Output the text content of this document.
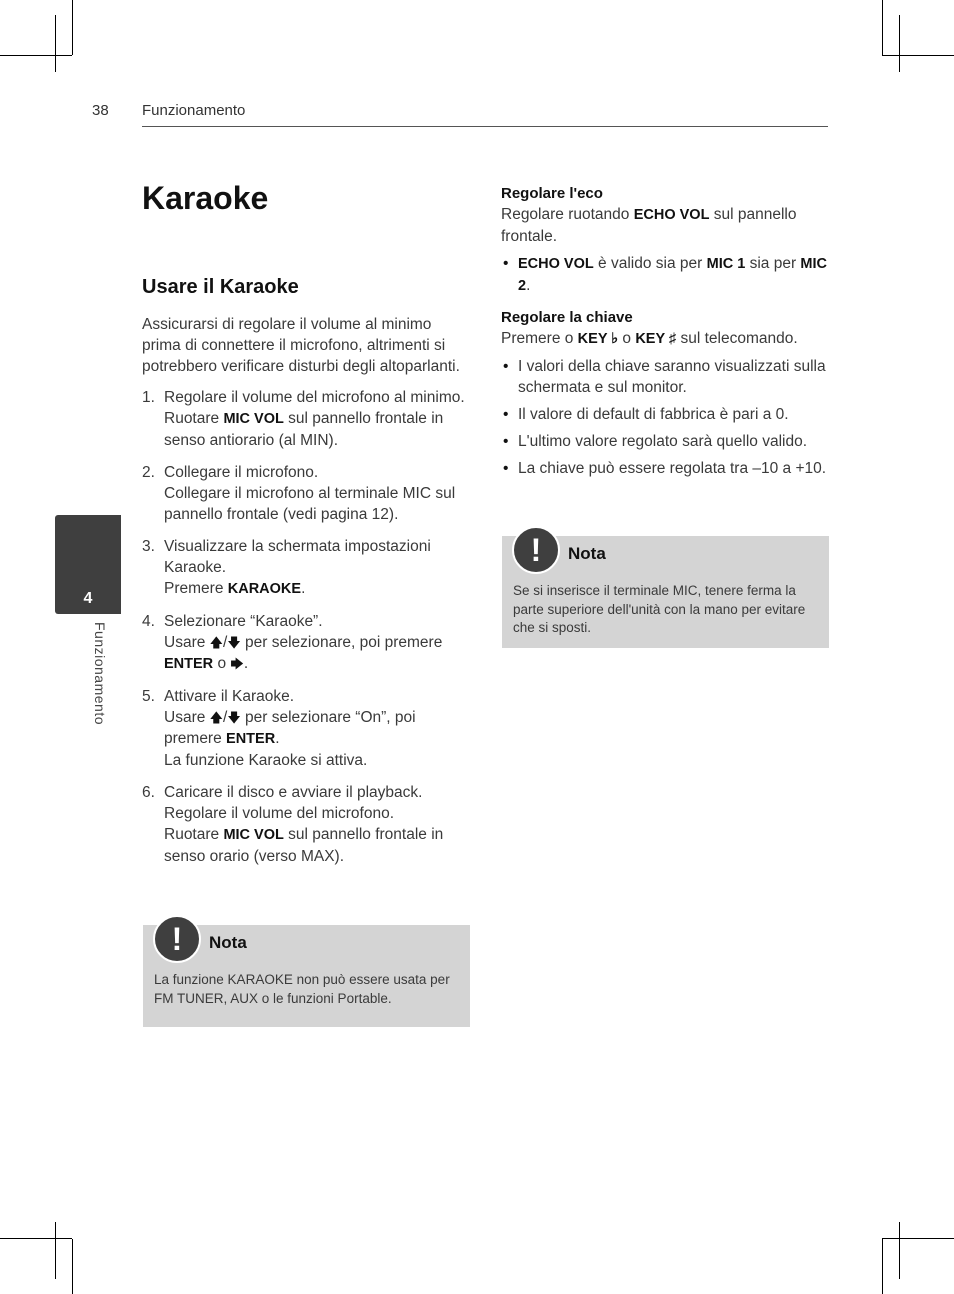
38 Funzionamento
4
Funzionamento
Karaoke
Usare il Karaoke

Assicurarsi di regolare il volume al minimo prima di connettere il microfono, altrimenti si potrebbero verificare disturbi degli altoparlanti.

1. Regolare il volume del microfono al minimo.
Ruotare MIC VOL sul pannello frontale in senso antiorario (al MIN).
2. Collegare il microfono.
Collegare il microfono al terminale MIC sul pannello frontale (vedi pagina 12).
3. Visualizzare la schermata impostazioni Karaoke.
Premere KARAOKE.
4. Selezionare “Karaoke”.
Usare 🡅/🡇 per selezionare, poi premere ENTER o 🡆.
5. Attivare il Karaoke.
Usare 🡅/🡇 per selezionare “On”, poi premere ENTER.
La funzione Karaoke si attiva.
6. Caricare il disco e avviare il playback.
Regolare il volume del microfono.
Ruotare MIC VOL sul pannello frontale in senso orario (verso MAX).
!	Nota
La funzione KARAOKE non può essere usata per FM TUNER, AUX o le funzioni Portable.
Regolare l'eco

Regolare ruotando ECHO VOL sul pannello frontale.

• ECHO VOL è valido sia per MIC 1 sia per MIC 2.
Regolare la chiave

Premere o KEY ♭ o KEY ♯ sul telecomando.

• I valori della chiave saranno visualizzati sulla schermata e sul monitor.
• Il valore di default di fabbrica è pari a 0.
• L'ultimo valore regolato sarà quello valido.
• La chiave può essere regolata tra –10 a +10.
!	Nota
Se si inserisce il terminale MIC, tenere ferma la parte superiore dell'unità con la mano per evitare che si sposti.
